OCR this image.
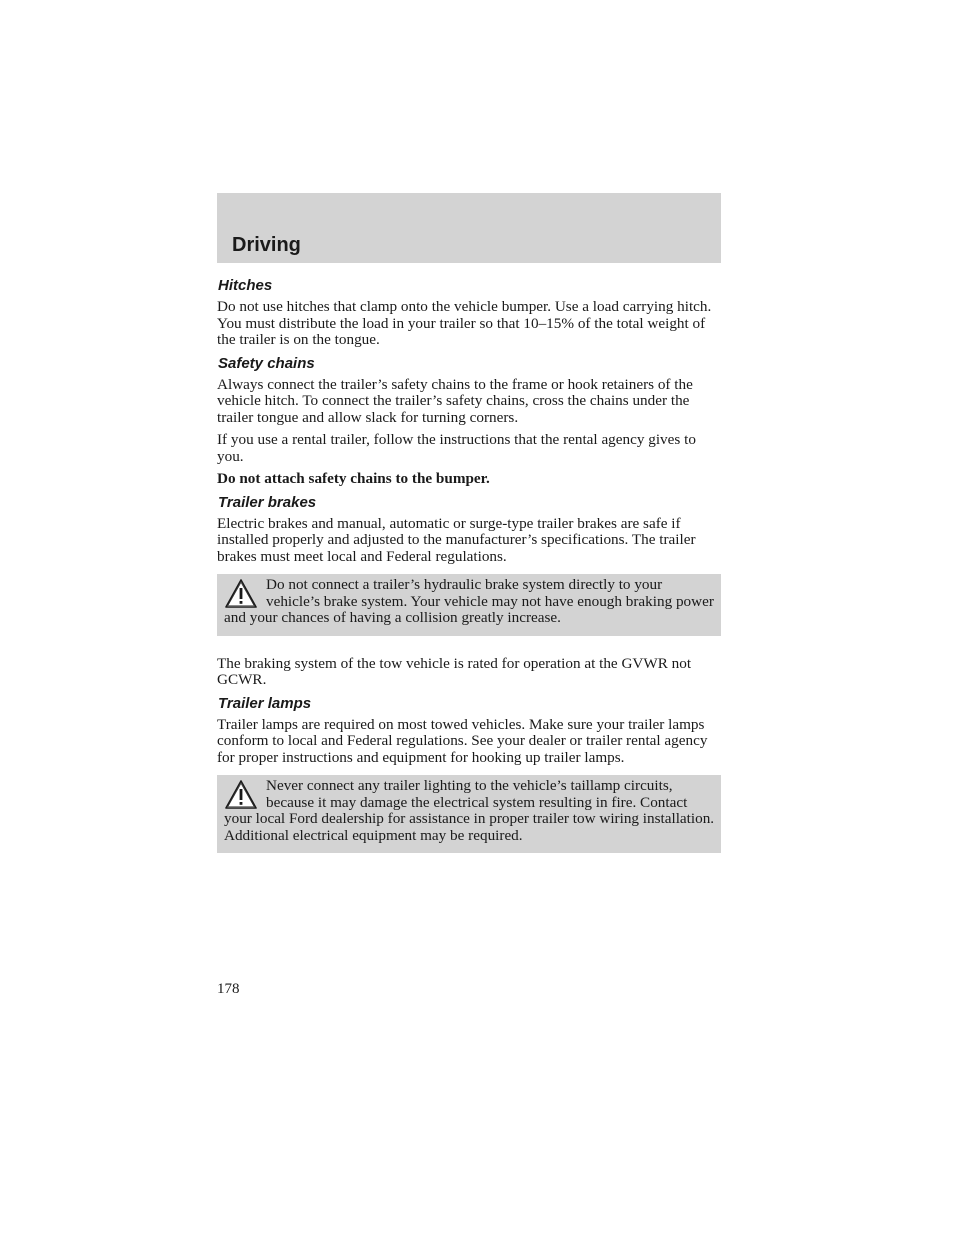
Driving
Hitches

Do not use hitches that clamp onto the vehicle bumper. Use a load carrying hitch. You must distribute the load in your trailer so that 10–15% of the total weight of the trailer is on the tongue.

Safety chains

Always connect the trailer’s safety chains to the frame or hook retainers of the vehicle hitch. To connect the trailer’s safety chains, cross the chains under the trailer tongue and allow slack for turning corners.

If you use a rental trailer, follow the instructions that the rental agency gives to you.

Do not attach safety chains to the bumper.

Trailer brakes

Electric brakes and manual, automatic or surge-type trailer brakes are safe if installed properly and adjusted to the manufacturer’s specifications. The trailer brakes must meet local and Federal regulations.

Do not connect a trailer’s hydraulic brake system directly to your vehicle’s brake system. Your vehicle may not have enough braking power and your chances of having a collision greatly increase.

The braking system of the tow vehicle is rated for operation at the GVWR not GCWR.

Trailer lamps

Trailer lamps are required on most towed vehicles. Make sure your trailer lamps conform to local and Federal regulations. See your dealer or trailer rental agency for proper instructions and equipment for hooking up trailer lamps.

Never connect any trailer lighting to the vehicle’s taillamp circuits, because it may damage the electrical system resulting in fire. Contact your local Ford dealership for assistance in proper trailer tow wiring installation. Additional electrical equipment may be required.

178
